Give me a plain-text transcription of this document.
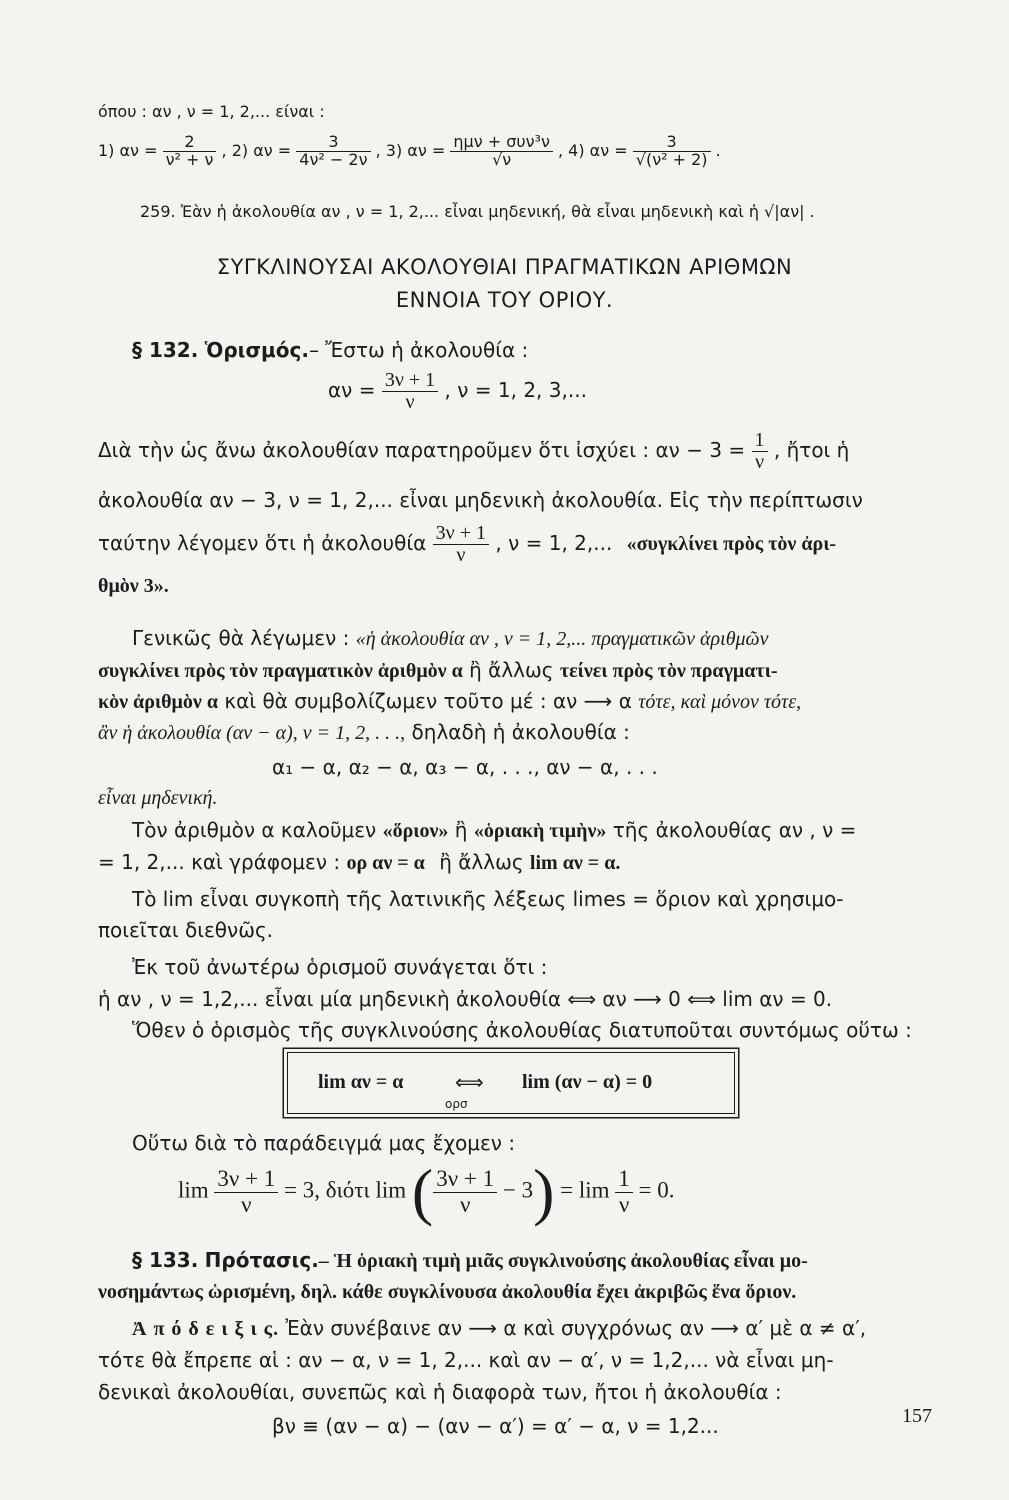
όπου : αν , ν = 1, 2,... είναι :
1) $\alpha\nu = \frac{2}{\text{ν² + ν}}$ , 2) $\alpha\nu = \frac{3}{\text{4ν² − 2ν}}$ , 3) $\alpha\nu = \frac{\text{ημν + συν³ν}}{√\nu}$ , 4) $\alpha\nu = \frac{3}{\text{√(ν² + 2)}}$ .
259. Ἐὰν ἡ ἀκολουθία αν , ν = 1, 2,... εἶναι μηδενική, θὰ εἶναι μηδενικὴ καὶ ἡ √|αν| .
ΣΥΓΚΛΙΝΟΥΣΑΙ ΑΚΟΛΟΥΘΙΑΙ ΠΡΑΓΜΑΤΙΚΩΝ ΑΡΙΘΜΩΝ
ΕΝΝΟΙΑ ΤΟΥ ΟΡΙΟΥ.
§ 132. Ὁρισμός.– Ἔστω ἡ ἀκολουθία :
$\alpha\nu = \frac{3\nu + 1}{\nu}$ , ν = 1, 2, 3,...
Διὰ τὴν ὡς ἄνω ἀκολουθίαν παρατηροῦμεν ὅτι ἰσχύει : $\alpha\nu - 3 = \frac{1}{\nu}$ , ἤτοι ἡ
ἀκολουθία αν − 3, ν = 1, 2,... εἶναι μηδενικὴ ἀκολουθία. Εἰς τὴν περίπτωσιν
ταύτην λέγομεν ὅτι ἡ ἀκολουθία $\frac{3\nu + 1}{\nu}$ , ν = 1, 2,... «συγκλίνει πρὸς τὸν ἀρι-
θμὸν 3».
Γενικῶς θὰ λέγωμεν : «ἡ ἀκολουθία αν , ν = 1, 2,... πραγματικῶν ἀριθμῶν
συγκλίνει πρὸς τὸν πραγματικὸν ἀριθμὸν α ἢ ἄλλως τείνει πρὸς τὸν πραγματι-
κὸν ἀριθμὸν α καὶ θὰ συμβολίζωμεν τοῦτο μέ : αν ⟶ α τότε, καὶ μόνον τότε,
ἂν ἡ ἀκολουθία (αν − α), ν = 1, 2, . . ., δηλαδὴ ἡ ἀκολουθία :
α₁ − α, α₂ − α, α₃ − α, . . ., αν − α, . . .
εἶναι μηδενική.
Τὸν ἀριθμὸν α καλοῦμεν «ὅριον» ἢ «ὁριακὴ τιμὴν» τῆς ἀκολουθίας αν , ν =
= 1, 2,... καὶ γράφομεν : ορ αν = α ἢ ἄλλως lim αν = α.
Τὸ lim εἶναι συγκοπὴ τῆς λατινικῆς λέξεως limes = ὅριον καὶ χρησιμο-
ποιεῖται διεθνῶς.
Ἐκ τοῦ ἀνωτέρω ὁρισμοῦ συνάγεται ὅτι :
ἡ αν , ν = 1,2,... εἶναι μία μηδενικὴ ἀκολουθία ⟺ αν ⟶ 0 ⟺ lim αν = 0.
Ὅθεν ὁ ὁρισμὸς τῆς συγκλινούσης ἀκολουθίας διατυποῦται συντόμως οὕτω :
lim αν = α	⟺ lim (αν − α) = 0
ορσ
Οὕτω διὰ τὸ παράδειγμά μας ἔχομεν :
$\lim \frac{3\nu + 1}{\nu} = 3$, διότι lim ( $\frac{3\nu + 1}{\nu} - 3) = \lim \frac{1}{\nu} = 0$.
§ 133. Πρότασις.– Ἡ ὁριακὴ τιμὴ μιᾶς συγκλινούσης ἀκολουθίας εἶναι μο-
νοσημάντως ὡρισμένη, δηλ. κάθε συγκλίνουσα ἀκολουθία ἔχει ἀκριβῶς ἕνα ὅριον.
Ἀ π ό δ ε ι ξ ι ς. Ἐὰν συνέβαινε αν ⟶ α καὶ συγχρόνως αν ⟶ α′ μὲ α ≠ α′,
τότε θὰ ἔπρεπε αἱ : αν − α, ν = 1, 2,... καὶ αν − α′, ν = 1,2,... νὰ εἶναι μη-
δενικαὶ ἀκολουθίαι, συνεπῶς καὶ ἡ διαφορὰ των, ἤτοι ἡ ἀκολουθία :
βν ≡ (αν − α) − (αν − α′) = α′ − α, ν = 1,2...	157
